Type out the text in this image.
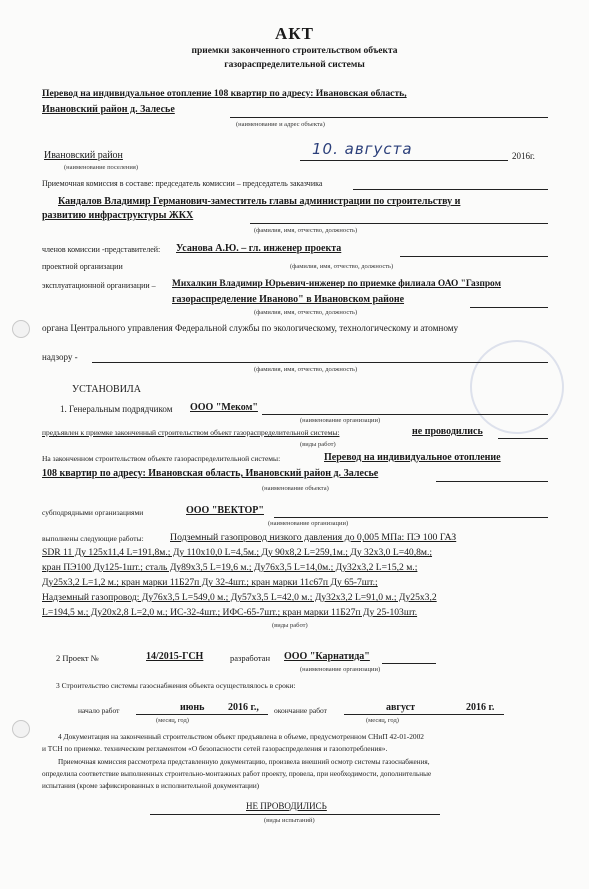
АКТ
приемки законченного строительством объекта
газораспределительной системы
Перевод на индивидуальное отопление 108 квартир по адресу: Ивановская область,
Ивановский район д. Залесье
(наименование и адрес объекта)
Ивановский район	10. августа	2016г.
(наименование поселения)
Приемочная комиссия в составе: председатель комиссии – председатель заказчика
Кандалов Владимир Германович-заместитель главы администрации по строительству и
развитию инфраструктуры ЖКХ
(фамилия, имя, отчество, должность)
членов комиссии -представителей: Усанова А.Ю. – гл. инженер проекта
проектной организации	(фамилия, имя, отчество, должность)
эксплуатационной организации – Михалкин Владимир Юрьевич-инженер по приемке филиала ОАО "Газпром
газораспределение Иваново" в Ивановском районе
(фамилия, имя, отчество, должность)
органа Центрального управления Федеральной службы по экологическому, технологическому и атомному
надзору -
(фамилия, имя, отчество, должность)
УСТАНОВИЛА
1. Генеральным подрядчиком ООО "Меком"
(наименование организации)
предъявлен к приемке законченный строительством объект газораспределительной системы:	не проводились
(виды работ)
На законченном строительством объекте газораспределительной системы:	Перевод на индивидуальное отопление
108 квартир по адресу: Ивановская область, Ивановский район д. Залесье
(наименование объекта)
субподрядными организациями	ООО "ВЕКТОР"
(наименование организации)
выполнены следующие работы:	Подземный газопровод низкого давления до 0,005 МПа: ПЭ 100 ГАЗ
SDR 11 Ду 125х11,4 L=191,8м.; Ду 110х10,0 L=4,5м.; Ду 90х8,2 L=259,1м.; Ду 32х3,0 L=40,8м.;
кран ПЭ100 Ду125-1шт.; сталь Ду89х3,5 L=19,6 м.; Ду76х3,5 L=14,0м.; Ду32х3,2 L=15,2 м.;
Ду25х3,2 L=1,2 м.; кран марки 11Б27п Ду 32-4шт.; кран марки 11с67п Ду 65-7шт.;
Надземный газопровод: Ду76х3,5 L=549,0 м.; Ду57х3,5 L=42,0 м.; Ду32х3,2 L=91,0 м.; Ду25х3,2
L=194,5 м.; Ду20х2,8 L=2,0 м.; ИС-32-4шт.; ИФС-65-7шт.; кран марки 11Б27п Ду 25-103шт.
(виды работ)
2 Проект №	14/2015-ГСН	разработан ООО "Карнатида"
(наименование организации)
3 Строительство системы газоснабжения объекта осуществлялось в сроки:
начало работ	июнь 2016 г., окончание работ	август	2016 г.
(месяц, год)	(месяц, год)
4 Документация на законченный строительством объект предъявлена в объеме, предусмотренном СНиП 42-01-2002
и ТСН по приемке. техническим регламентом «О безопасности сетей газораспределения и газопотребления».
Приемочная комиссия рассмотрела представленную документацию, произвела внешний осмотр системы газоснабжения,
определила соответствие выполненных строительно-монтажных работ проекту, провела, при необходимости, дополнительные
испытания (кроме зафиксированных в исполнительной документации)
НЕ ПРОВОДИЛИСЬ
(виды испытаний)
